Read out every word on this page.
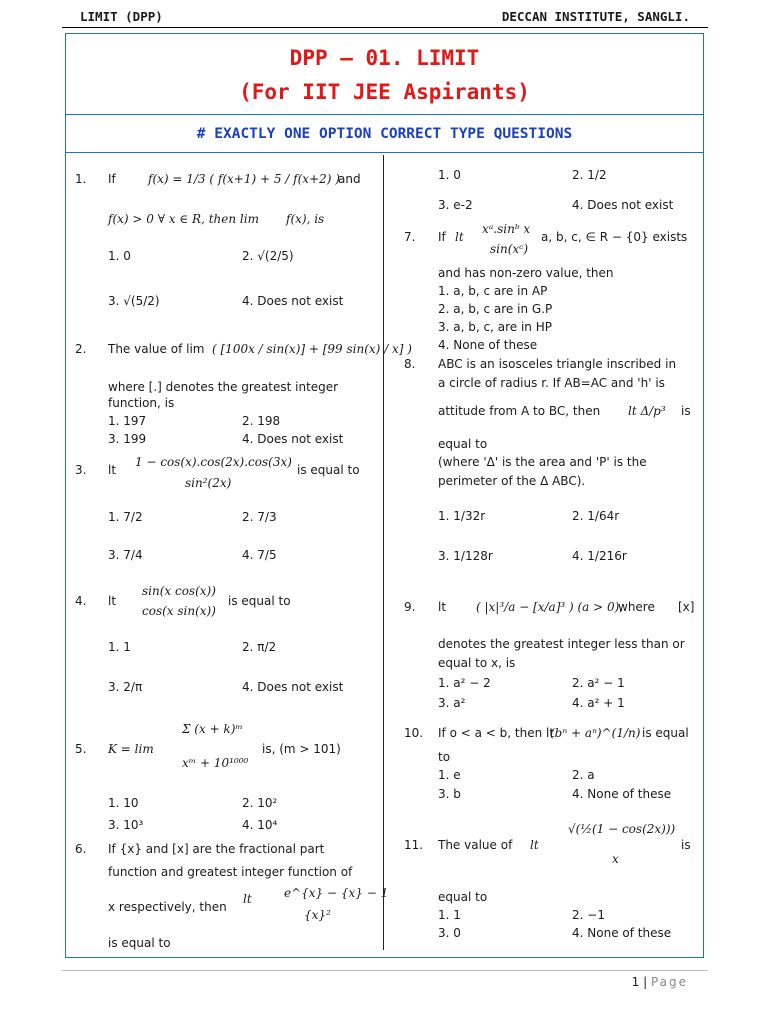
LIMIT (DPP)	DECCAN INSTITUTE, SANGLI.
DPP – 01. LIMIT
(For IIT JEE Aspirants)
# EXACTLY ONE OPTION CORRECT TYPE QUESTIONS
1. If	f(x) = 1/3 ( f(x+1) + 5 / f(x+2) )
and
f(x) > 0 ∀ x ∈ R, then lim f(x), is
1. 0	2. √(2/5)
3. √(5/2)	4. Does not exist
2. The value of lim ( [100x / sin(x)] + [99 sin(x) / x] )
where [.] denotes the greatest integer
function, is
1. 197	2. 198
3. 199	4. Does not exist
3. lt
1 − cos(x).cos(2x).cos(3x)
sin²(2x)
is equal to
1. 7/2	2. 7/3
3. 7/4	4. 7/5
4. lt
sin(x cos(x))
cos(x sin(x))
is equal to
1. 1	2. π/2
3. 2/π	4. Does not exist
5. K = lim
Σ (x + k)ᵐ
xᵐ + 10¹⁰⁰⁰
is, (m > 101)
1. 10	2. 10²
3. 10³	4. 10⁴
6. If {x} and [x] are the fractional part
function and greatest integer function of
x respectively, then
lt	e^{x} − {x} − 1
{x}²
is equal to
1. 0	2. 1/2
3. e-2	4. Does not exist
7. If lt
xᵃ.sinᵇ x
sin(xᶜ)
a, b, c, ∈ R − {0} exists
and has non-zero value, then
1. a, b, c are in AP
2. a, b, c are in G.P
3. a, b, c, are in HP
4. None of these
8. ABC is an isosceles triangle inscribed in
a circle of radius r. If AB=AC and 'h' is
attitude from A to BC, then lt Δ/p³ is
equal to
(where 'Δ' is the area and 'P' is the
perimeter of the Δ ABC).
1. 1/32r	2. 1/64r
3. 1/128r	4. 1/216r
9. lt ( |x|³/a − [x/a]³ ) (a > 0),
where [x]
denotes the greatest integer less than or
equal to x, is
1. a² − 2	2. a² − 1
3. a²	4. a² + 1
10. If o < a < b, then lt
(bⁿ + aⁿ)^(1/n) is equal
to
1. e	2. a
3. b	4. None of these
11. The value of lt
√(½(1 − cos(2x)))
x
is
equal to
1. 1	2. −1
3. 0	4. None of these
1 | Page
